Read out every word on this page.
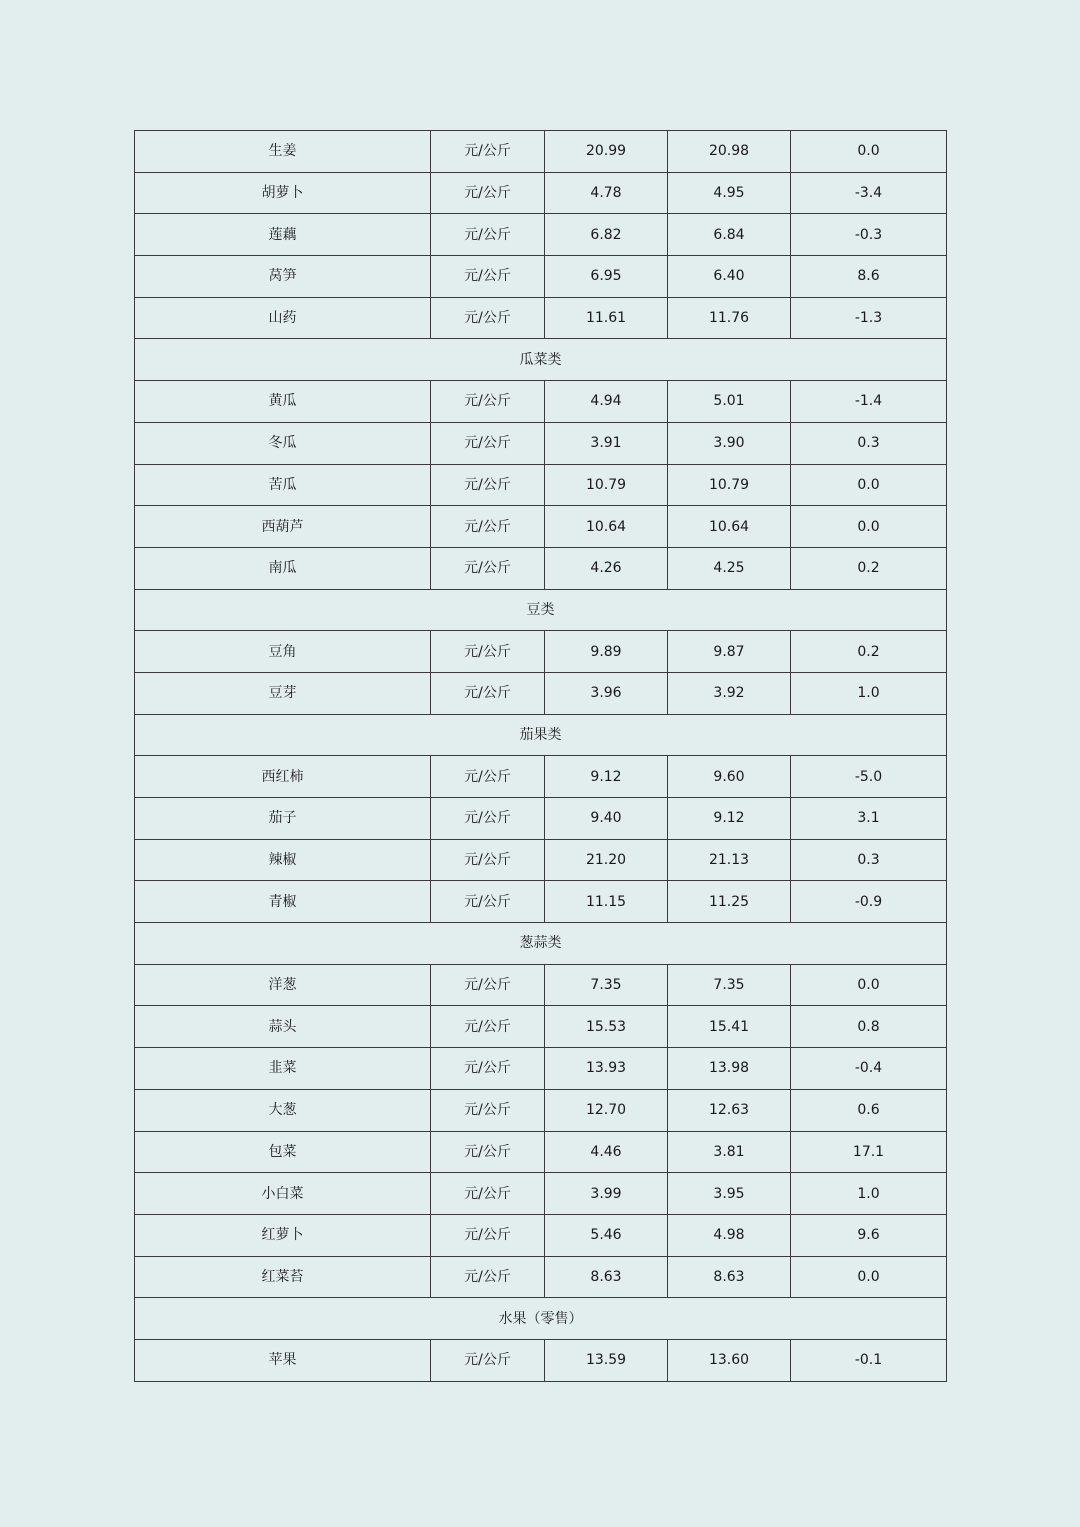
生姜	元/公斤	20.99	20.98	0.0
胡萝卜	元/公斤	4.78	4.95	-3.4
莲藕	元/公斤	6.82	6.84	-0.3
莴笋	元/公斤	6.95	6.40	8.6
山药	元/公斤	11.61	11.76	-1.3
瓜菜类				
黄瓜	元/公斤	4.94	5.01	-1.4
冬瓜	元/公斤	3.91	3.90	0.3
苦瓜	元/公斤	10.79	10.79	0.0
西葫芦	元/公斤	10.64	10.64	0.0
南瓜	元/公斤	4.26	4.25	0.2
豆类				
豆角	元/公斤	9.89	9.87	0.2
豆芽	元/公斤	3.96	3.92	1.0
茄果类				
西红柿	元/公斤	9.12	9.60	-5.0
茄子	元/公斤	9.40	9.12	3.1
辣椒	元/公斤	21.20	21.13	0.3
青椒	元/公斤	11.15	11.25	-0.9
葱蒜类				
洋葱	元/公斤	7.35	7.35	0.0
蒜头	元/公斤	15.53	15.41	0.8
韭菜	元/公斤	13.93	13.98	-0.4
大葱	元/公斤	12.70	12.63	0.6
包菜	元/公斤	4.46	3.81	17.1
小白菜	元/公斤	3.99	3.95	1.0
红萝卜	元/公斤	5.46	4.98	9.6
红菜苔	元/公斤	8.63	8.63	0.0
水果（零售）				
苹果	元/公斤	13.59	13.60	-0.1
